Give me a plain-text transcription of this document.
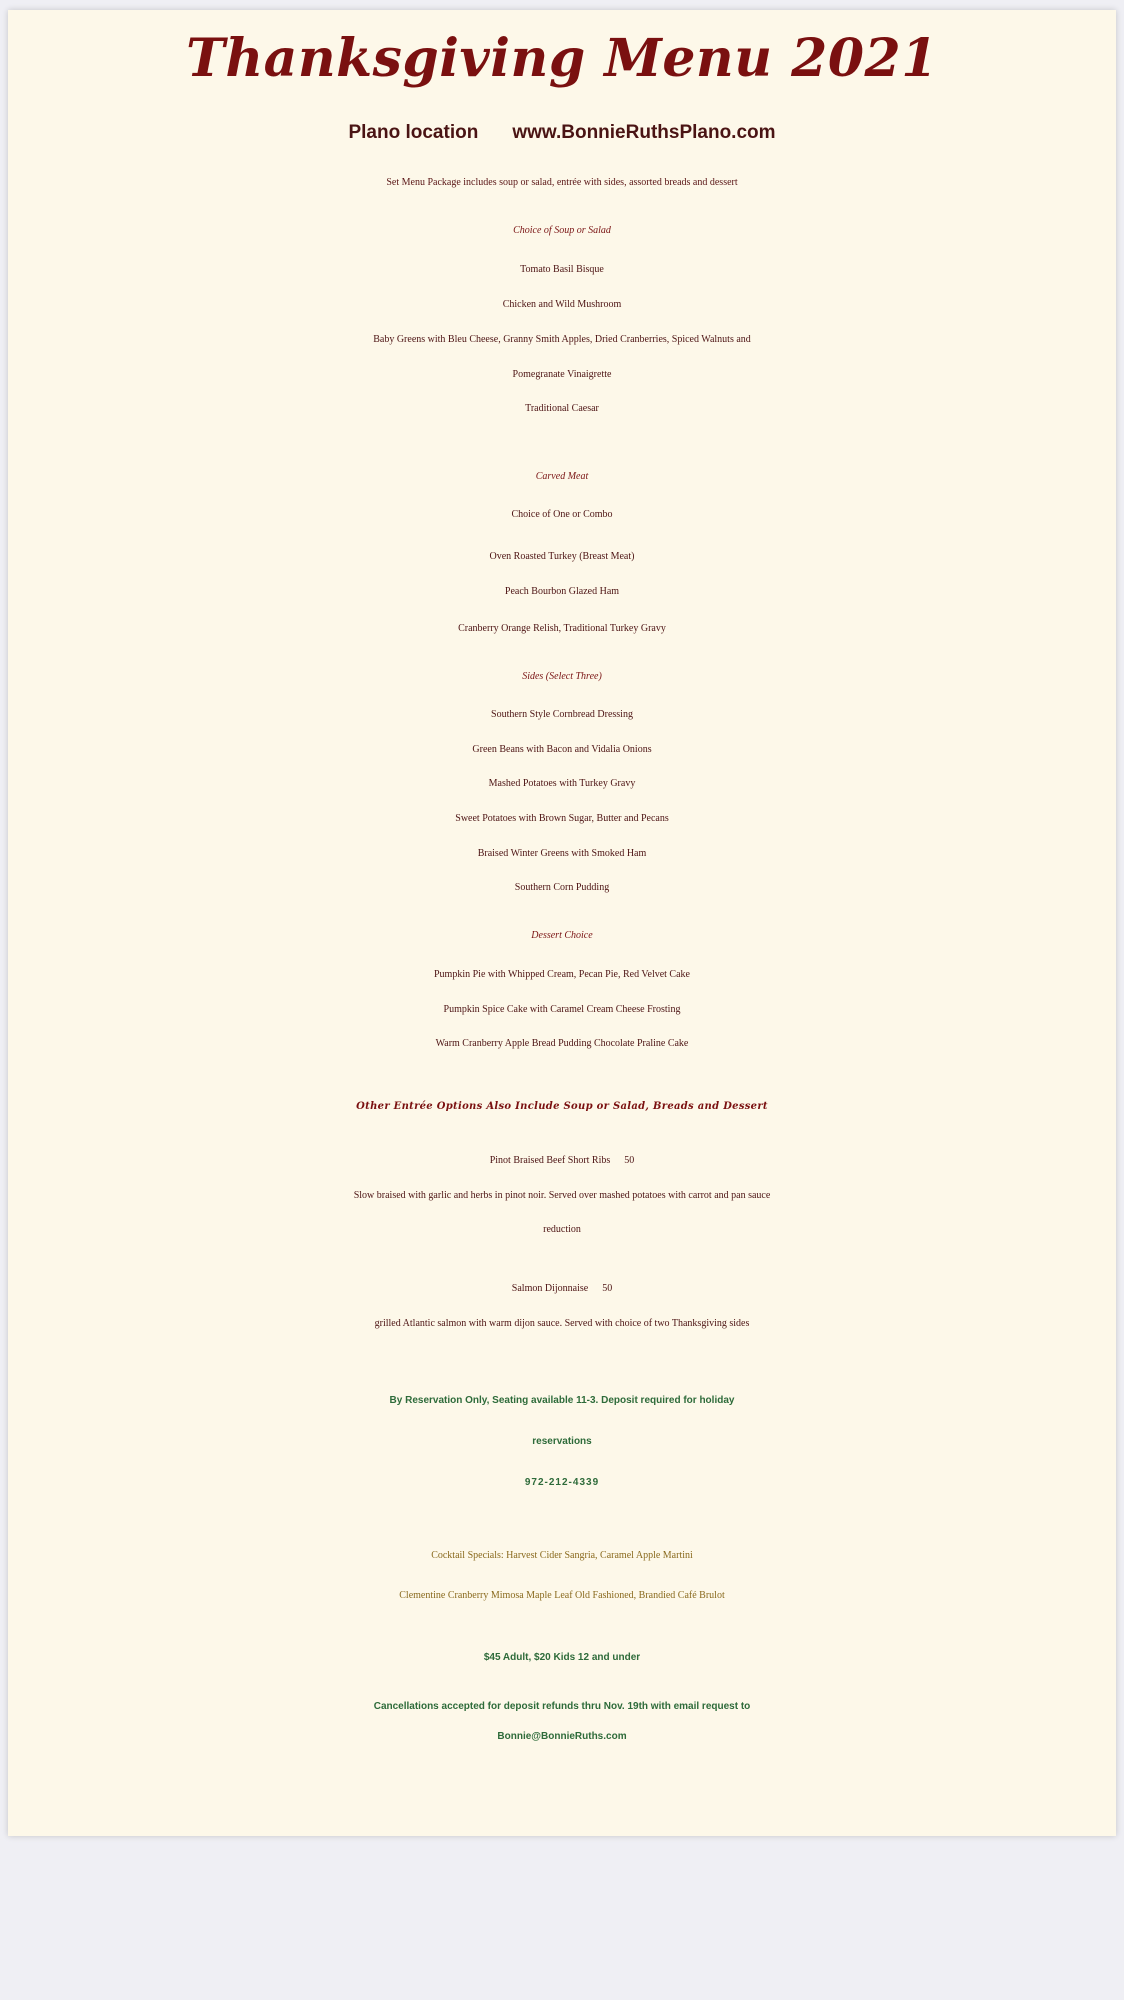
Thanksgiving Menu 2021
Plano location www.BonnieRuthsPlano.com
Set Menu Package includes soup or salad, entrée with sides, assorted breads and dessert
Choice of Soup or Salad
Tomato Basil Bisque
Chicken and Wild Mushroom
Baby Greens with Bleu Cheese, Granny Smith Apples, Dried Cranberries, Spiced Walnuts and
Pomegranate Vinaigrette
Traditional Caesar
Carved Meat
Choice of One or Combo
Oven Roasted Turkey (Breast Meat)
Peach Bourbon Glazed Ham
Cranberry Orange Relish, Traditional Turkey Gravy
Sides (Select Three)
Southern Style Cornbread Dressing
Green Beans with Bacon and Vidalia Onions
Mashed Potatoes with Turkey Gravy
Sweet Potatoes with Brown Sugar, Butter and Pecans
Braised Winter Greens with Smoked Ham
Southern Corn Pudding
Dessert Choice
Pumpkin Pie with Whipped Cream, Pecan Pie, Red Velvet Cake
Pumpkin Spice Cake with Caramel Cream Cheese Frosting
Warm Cranberry Apple Bread Pudding Chocolate Praline Cake
Other Entrée Options Also Include Soup or Salad, Breads and Dessert
Pinot Braised Beef Short Ribs 50
Slow braised with garlic and herbs in pinot noir. Served over mashed potatoes with carrot and pan sauce
reduction
Salmon Dijonnaise 50
grilled Atlantic salmon with warm dijon sauce. Served with choice of two Thanksgiving sides
By Reservation Only, Seating available 11-3. Deposit required for holiday
reservations
972-212-4339
Cocktail Specials: Harvest Cider Sangria, Caramel Apple Martini
Clementine Cranberry Mimosa Maple Leaf Old Fashioned, Brandied Café Brulot
$45 Adult, $20 Kids 12 and under
Cancellations accepted for deposit refunds thru Nov. 19th with email request to
Bonnie@BonnieRuths.com
